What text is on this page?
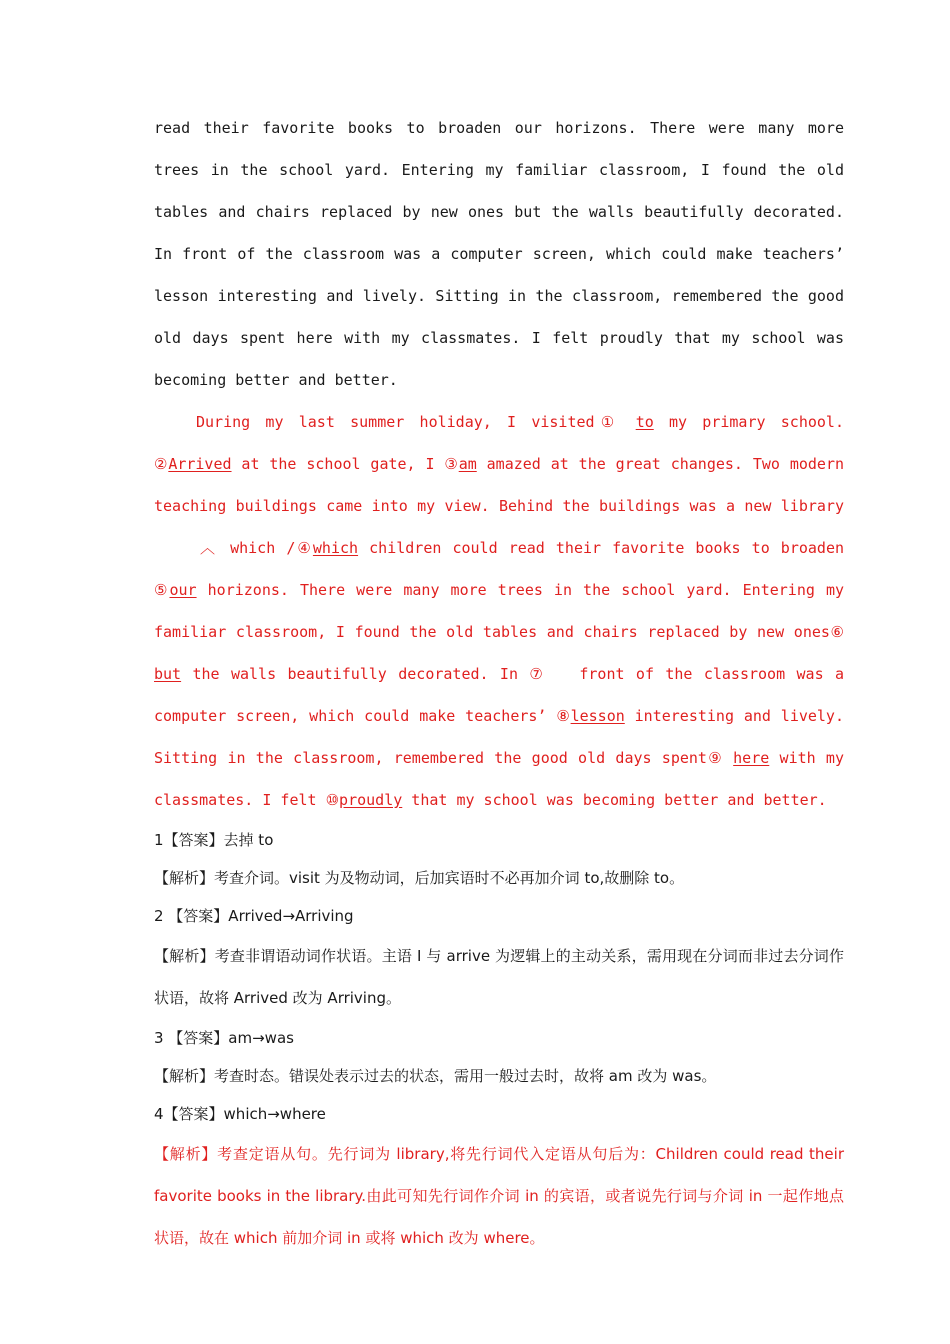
read their favorite books to broaden our horizons. There were many more trees in the school yard. Entering my familiar classroom, I found the old tables and chairs replaced by new ones but the walls beautifully decorated. In front of the classroom was a computer screen, which could make teachers’ lesson interesting and lively. Sitting in the classroom, remembered the good old days spent here with my classmates. I felt proudly that my school was becoming better and better.

During my last summer holiday, I visited① to my primary school. ②Arrived at the school gate, I ③am amazed at the great changes. Two modern teaching buildings came into my view. Behind the buildings was a new library ︿ which /④which children could read their favorite books to broaden ⑤our horizons. There were many more trees in the school yard. Entering my familiar classroom, I found the old tables and chairs replaced by new ones⑥ but the walls beautifully decorated. In ⑦ front of the classroom was a computer screen, which could make teachers’ ⑧lesson interesting and lively. Sitting in the classroom, remembered the good old days spent⑨ here with my classmates. I felt ⑩proudly that my school was becoming better and better.

1【答案】去掉 to

【解析】考查介词。visit 为及物动词，后加宾语时不必再加介词 to,故删除 to。

2 【答案】Arrived→Arriving

【解析】考查非谓语动词作状语。主语 I 与 arrive 为逻辑上的主动关系，需用现在分词而非过去分词作状语，故将 Arrived 改为 Arriving。

3 【答案】am→was

【解析】考查时态。错误处表示过去的状态，需用一般过去时，故将 am 改为 was。

4【答案】which→where

【解析】考查定语从句。先行词为 library,将先行词代入定语从句后为：Children could read their favorite books in the library.由此可知先行词作介词 in 的宾语，或者说先行词与介词 in 一起作地点状语，故在 which 前加介词 in 或将 which 改为 where。
